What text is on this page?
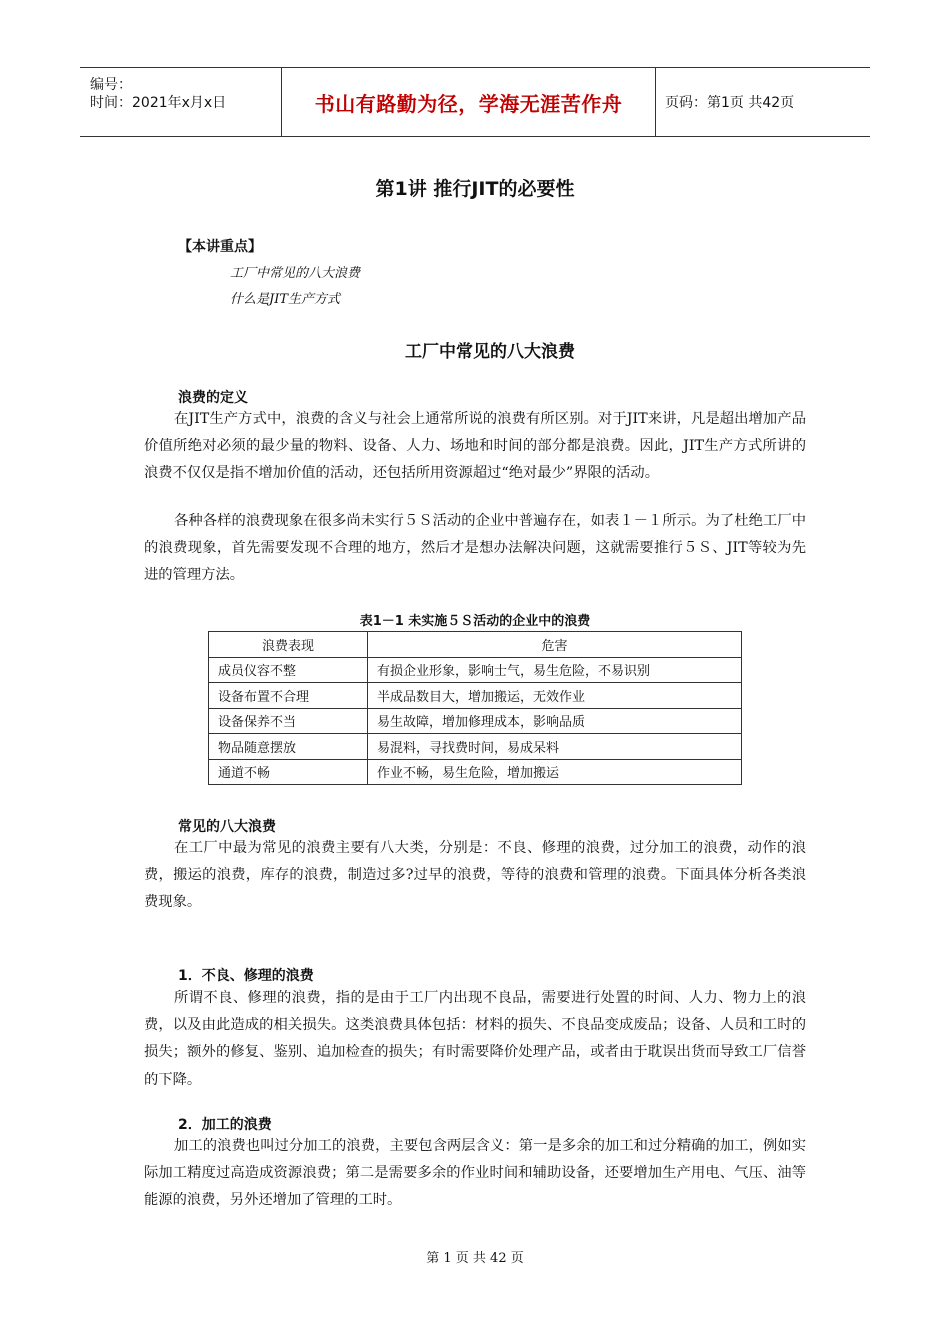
编号：
时间：2021年x月x日	书山有路勤为径，学海无涯苦作舟	页码：第1页 共42页
第1讲 推行JIT的必要性
【本讲重点】
工厂中常见的八大浪费
什么是JIT生产方式
工厂中常见的八大浪费
浪费的定义

在JIT生产方式中，浪费的含义与社会上通常所说的浪费有所区别。对于JIT来讲，凡是超出增加产品价值所绝对必须的最少量的物料、设备、人力、场地和时间的部分都是浪费。因此，JIT生产方式所讲的浪费不仅仅是指不增加价值的活动，还包括所用资源超过“绝对最少”界限的活动。

各种各样的浪费现象在很多尚未实行５Ｓ活动的企业中普遍存在，如表１－１所示。为了杜绝工厂中的浪费现象，首先需要发现不合理的地方，然后才是想办法解决问题，这就需要推行５Ｓ、JIT等较为先进的管理方法。

表1－1 未实施５Ｓ活动的企业中的浪费
浪费表现	危害
成员仪容不整	有损企业形象，影响士气，易生危险，不易识别
设备布置不合理	半成品数目大，增加搬运，无效作业
设备保养不当	易生故障，增加修理成本，影响品质
物品随意摆放	易混料，寻找费时间，易成呆料
通道不畅	作业不畅，易生危险，增加搬运
常见的八大浪费

在工厂中最为常见的浪费主要有八大类，分别是：不良、修理的浪费，过分加工的浪费，动作的浪费，搬运的浪费，库存的浪费，制造过多?过早的浪费，等待的浪费和管理的浪费。下面具体分析各类浪费现象。

1．不良、修理的浪费

所谓不良、修理的浪费，指的是由于工厂内出现不良品，需要进行处置的时间、人力、物力上的浪费，以及由此造成的相关损失。这类浪费具体包括：材料的损失、不良品变成废品；设备、人员和工时的损失；额外的修复、鉴别、追加检查的损失；有时需要降价处理产品，或者由于耽误出货而导致工厂信誉的下降。

2．加工的浪费

加工的浪费也叫过分加工的浪费，主要包含两层含义：第一是多余的加工和过分精确的加工，例如实际加工精度过高造成资源浪费；第二是需要多余的作业时间和辅助设备，还要增加生产用电、气压、油等能源的浪费，另外还增加了管理的工时。

第 1 页 共 42 页
